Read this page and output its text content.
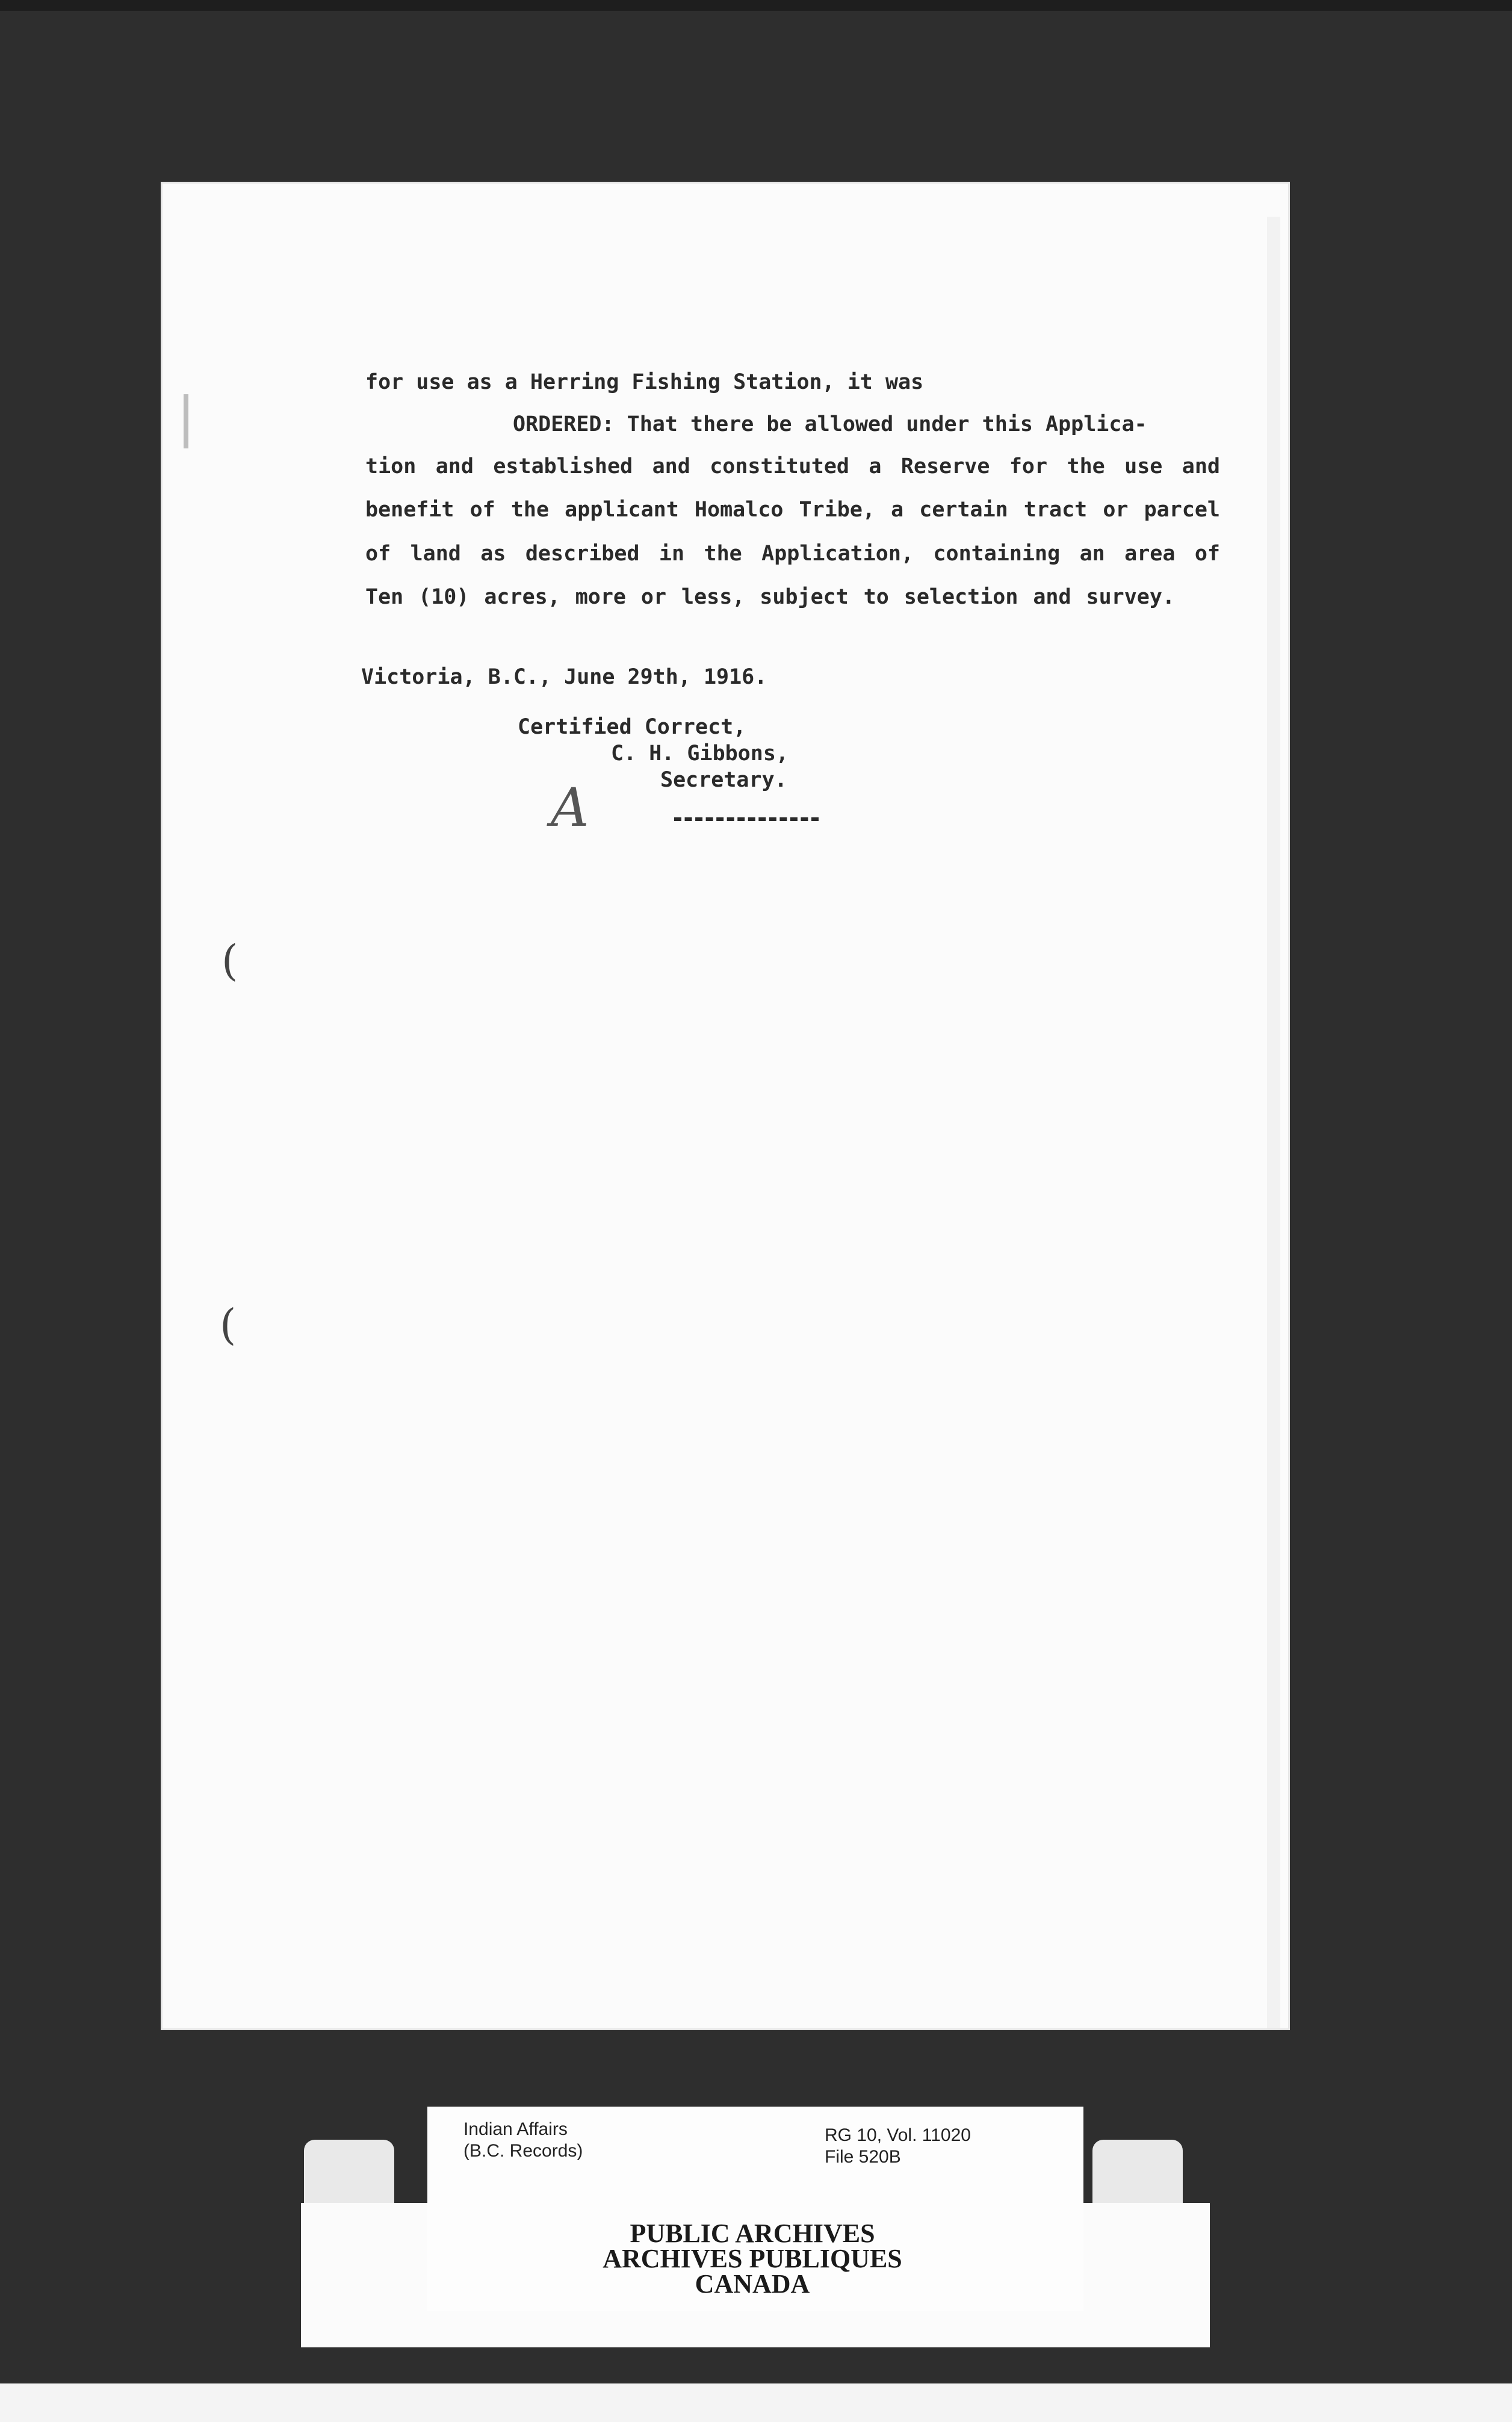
for use as a Herring Fishing Station, it was
ORDERED: That there be allowed under this Applica-
tion and established and constituted a Reserve for the use and
benefit of the applicant Homalco Tribe, a certain tract or parcel
of land as described in the Application, containing an area of
Ten (10) acres, more or less, subject to selection and survey.
Victoria, B.C., June 29th, 1916.
Certified Correct,
C. H. Gibbons,
Secretary.
A
(
(
Indian Affairs
(B.C. Records)
RG 10, Vol. 11020
File 520B
PUBLIC ARCHIVES
ARCHIVES PUBLIQUES
CANADA
